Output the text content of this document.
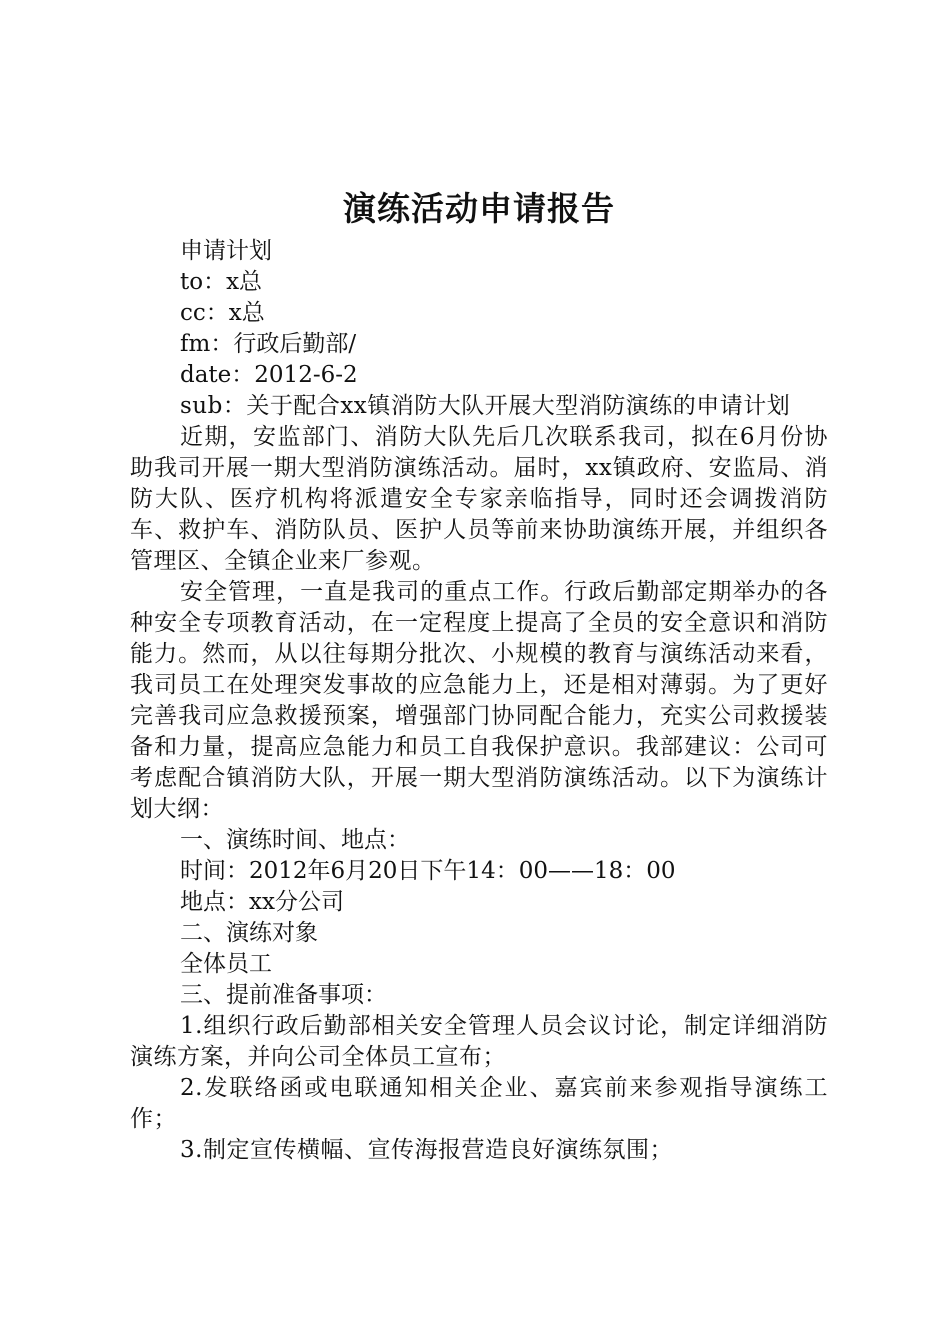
演练活动申请报告

申请计划

to：x总

cc：x总

fm：行政后勤部/

date：2012-6-2

sub：关于配合xx镇消防大队开展大型消防演练的申请计划

近期，安监部门、消防大队先后几次联系我司，拟在6月份协助我司开展一期大型消防演练活动。届时，xx镇政府、安监局、消防大队、医疗机构将派遣安全专家亲临指导，同时还会调拨消防车、救护车、消防队员、医护人员等前来协助演练开展，并组织各管理区、全镇企业来厂参观。

安全管理，一直是我司的重点工作。行政后勤部定期举办的各种安全专项教育活动，在一定程度上提高了全员的安全意识和消防能力。然而，从以往每期分批次、小规模的教育与演练活动来看，我司员工在处理突发事故的应急能力上，还是相对薄弱。为了更好完善我司应急救援预案，增强部门协同配合能力，充实公司救援装备和力量，提高应急能力和员工自我保护意识。我部建议：公司可考虑配合镇消防大队，开展一期大型消防演练活动。以下为演练计划大纲：

一、演练时间、地点：

时间：2012年6月20日下午14：00——18：00

地点：xx分公司

二、演练对象

全体员工

三、提前准备事项：

1.组织行政后勤部相关安全管理人员会议讨论，制定详细消防演练方案，并向公司全体员工宣布；

2.发联络函或电联通知相关企业、嘉宾前来参观指导演练工作；

3.制定宣传横幅、宣传海报营造良好演练氛围；
